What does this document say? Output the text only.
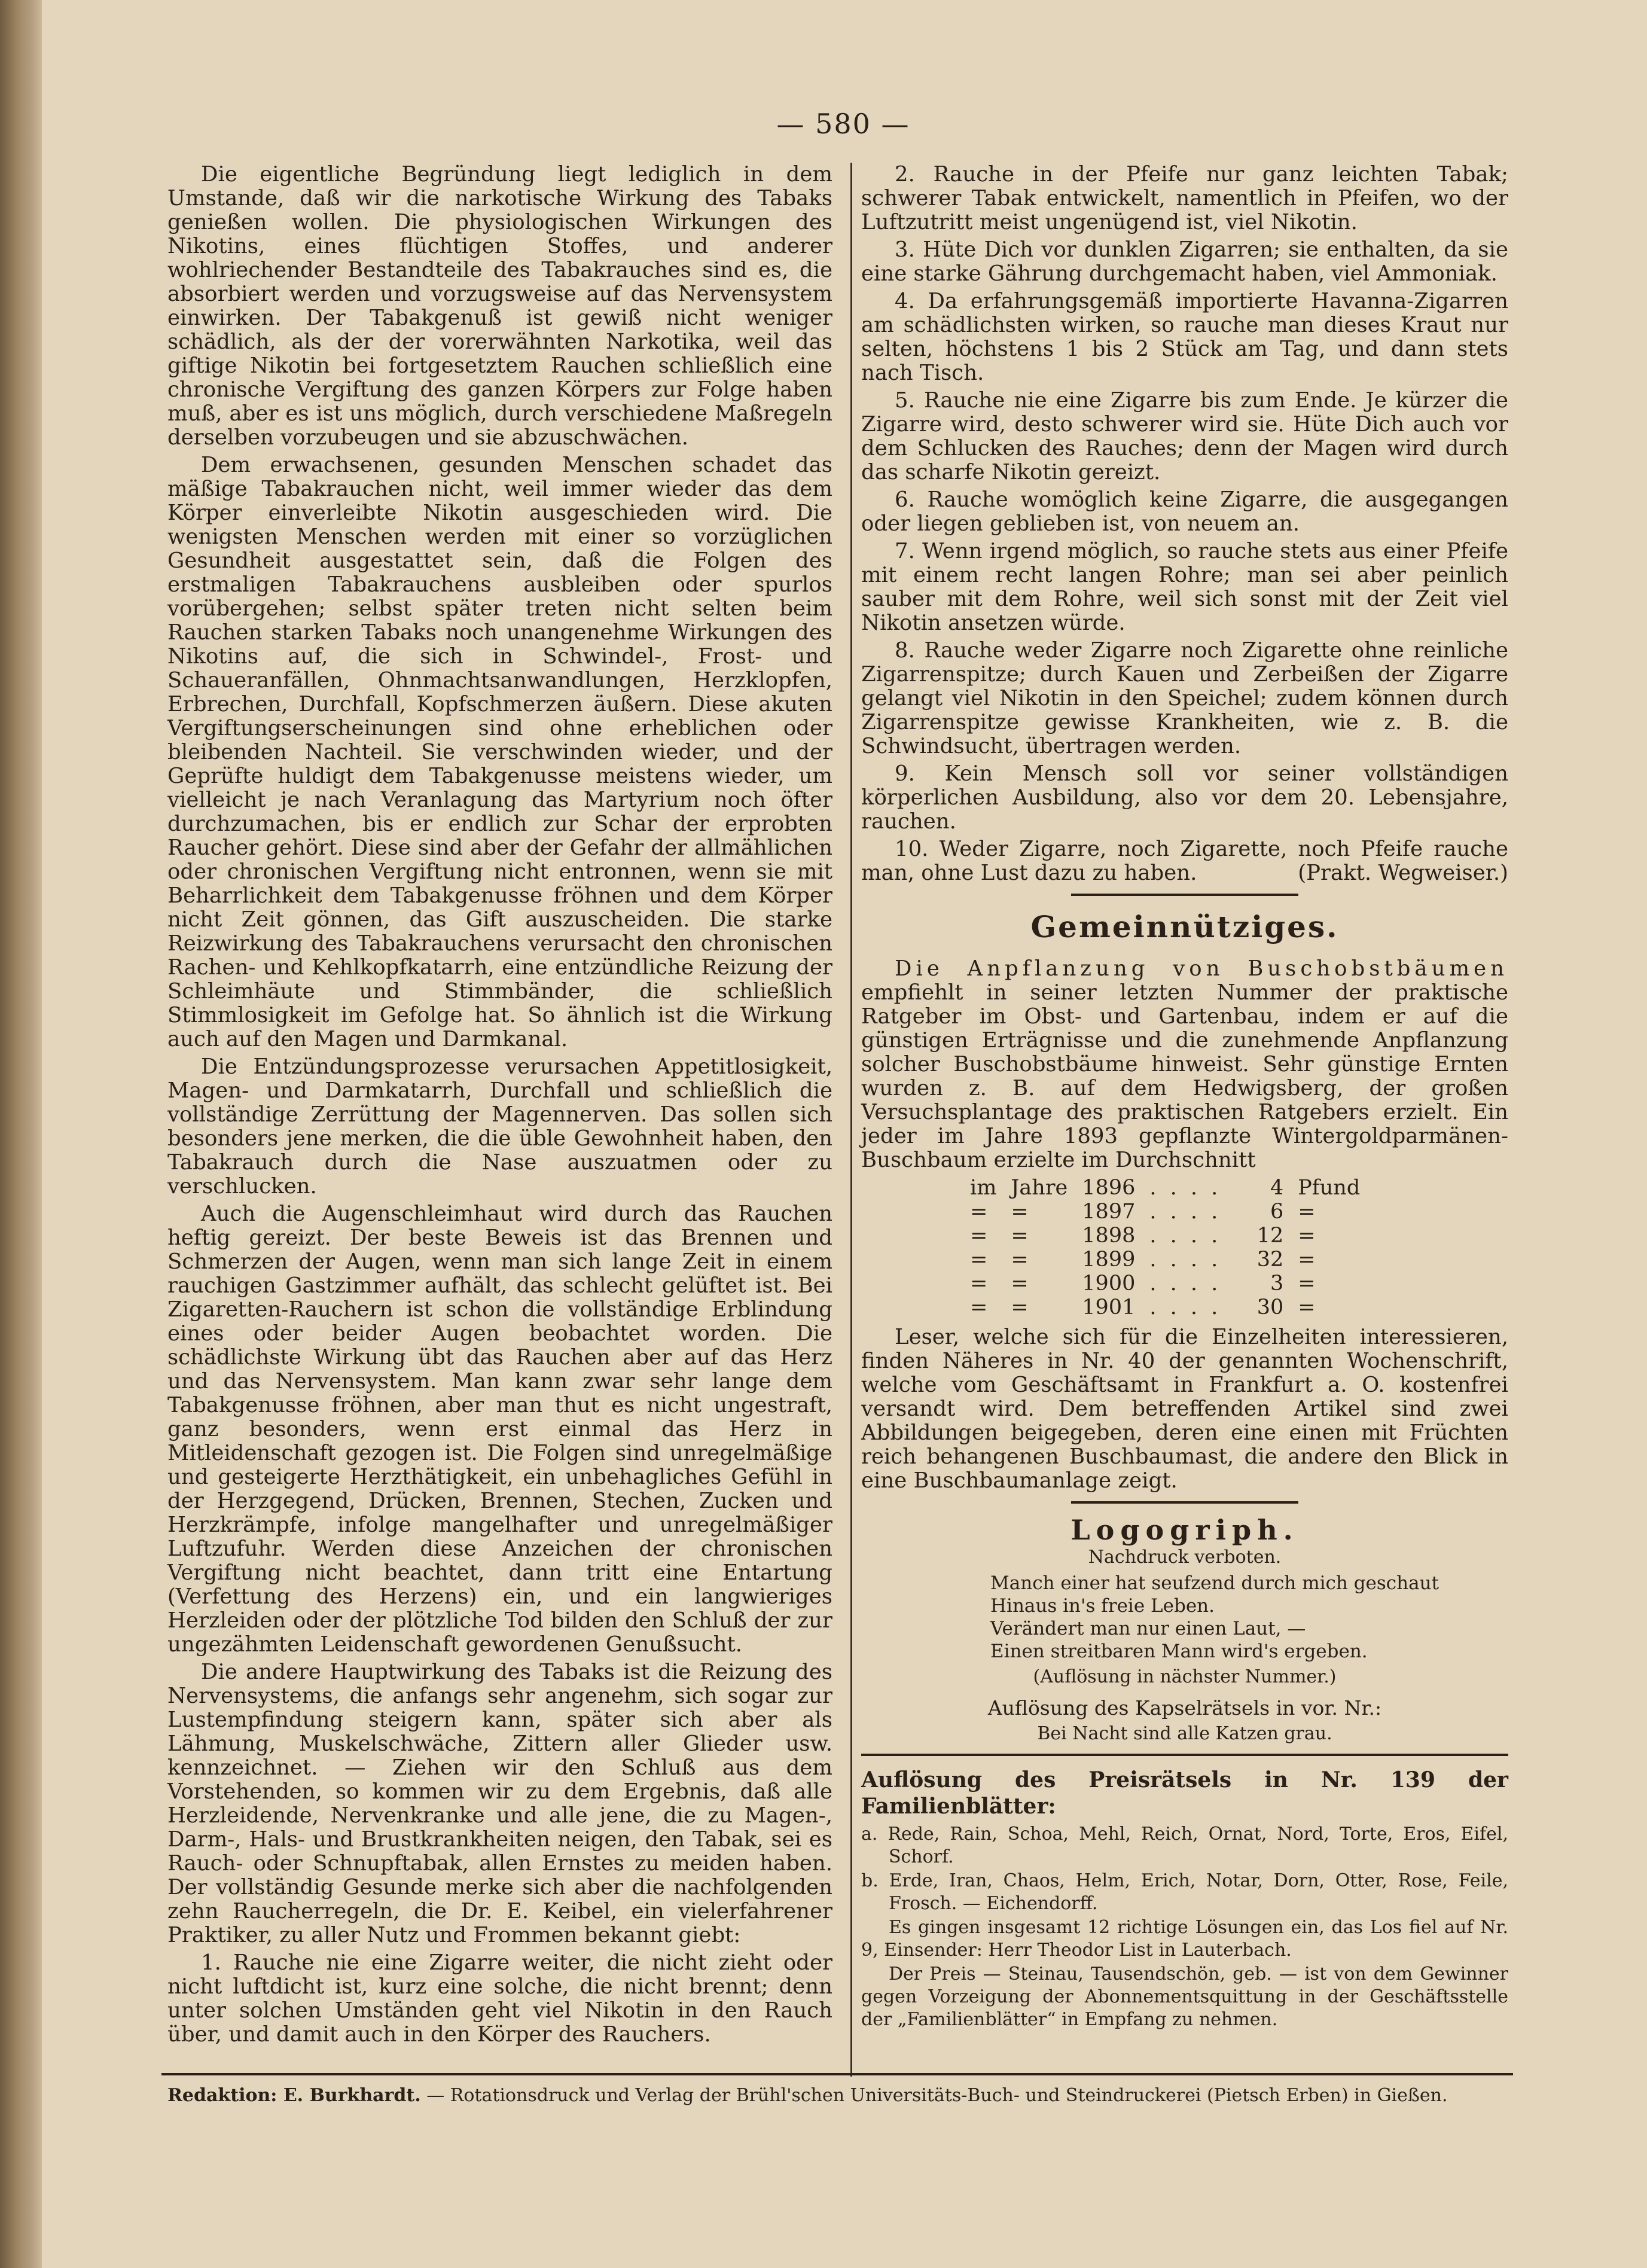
— 580 —

Die eigentliche Begründung liegt lediglich in dem Umstande, daß wir die narkotische Wirkung des Tabaks genießen wollen. Die physiologischen Wirkungen des Nikotins, eines flüchtigen Stoffes, und anderer wohlriechender Bestandteile des Tabakrauches sind es, die absorbiert werden und vorzugsweise auf das Nervensystem einwirken. Der Tabakgenuß ist gewiß nicht weniger schädlich, als der der vorerwähnten Narkotika, weil das giftige Nikotin bei fortgesetztem Rauchen schließlich eine chronische Vergiftung des ganzen Körpers zur Folge haben muß, aber es ist uns möglich, durch verschiedene Maßregeln derselben vorzubeugen und sie abzuschwächen.

Dem erwachsenen, gesunden Menschen schadet das mäßige Tabakrauchen nicht, weil immer wieder das dem Körper einverleibte Nikotin ausgeschieden wird. Die wenigsten Menschen werden mit einer so vorzüglichen Gesundheit ausgestattet sein, daß die Folgen des erstmaligen Tabakrauchens ausbleiben oder spurlos vorübergehen; selbst später treten nicht selten beim Rauchen starken Tabaks noch unangenehme Wirkungen des Nikotins auf, die sich in Schwindel-, Frost- und Schaueranfällen, Ohnmachtsanwandlungen, Herzklopfen, Erbrechen, Durchfall, Kopfschmerzen äußern. Diese akuten Vergiftungserscheinungen sind ohne erheblichen oder bleibenden Nachteil. Sie verschwinden wieder, und der Geprüfte huldigt dem Tabakgenusse meistens wieder, um vielleicht je nach Veranlagung das Martyrium noch öfter durchzumachen, bis er endlich zur Schar der erprobten Raucher gehört. Diese sind aber der Gefahr der allmählichen oder chronischen Vergiftung nicht entronnen, wenn sie mit Beharrlichkeit dem Tabakgenusse fröhnen und dem Körper nicht Zeit gönnen, das Gift auszuscheiden. Die starke Reizwirkung des Tabakrauchens verursacht den chronischen Rachen- und Kehlkopfkatarrh, eine entzündliche Reizung der Schleimhäute und Stimmbänder, die schließlich Stimmlosigkeit im Gefolge hat. So ähnlich ist die Wirkung auch auf den Magen und Darmkanal.

Die Entzündungsprozesse verursachen Appetitlosigkeit, Magen- und Darmkatarrh, Durchfall und schließlich die vollständige Zerrüttung der Magennerven. Das sollen sich besonders jene merken, die die üble Gewohnheit haben, den Tabakrauch durch die Nase auszuatmen oder zu verschlucken.

Auch die Augenschleimhaut wird durch das Rauchen heftig gereizt. Der beste Beweis ist das Brennen und Schmerzen der Augen, wenn man sich lange Zeit in einem rauchigen Gastzimmer aufhält, das schlecht gelüftet ist. Bei Zigaretten-Rauchern ist schon die vollständige Erblindung eines oder beider Augen beobachtet worden. Die schädlichste Wirkung übt das Rauchen aber auf das Herz und das Nervensystem. Man kann zwar sehr lange dem Tabakgenusse fröhnen, aber man thut es nicht ungestraft, ganz besonders, wenn erst einmal das Herz in Mitleidenschaft gezogen ist. Die Folgen sind unregelmäßige und gesteigerte Herzthätigkeit, ein unbehagliches Gefühl in der Herzgegend, Drücken, Brennen, Stechen, Zucken und Herzkrämpfe, infolge mangelhafter und unregelmäßiger Luftzufuhr. Werden diese Anzeichen der chronischen Vergiftung nicht beachtet, dann tritt eine Entartung (Verfettung des Herzens) ein, und ein langwieriges Herzleiden oder der plötzliche Tod bilden den Schluß der zur ungezähmten Leidenschaft gewordenen Genußsucht.

Die andere Hauptwirkung des Tabaks ist die Reizung des Nervensystems, die anfangs sehr angenehm, sich sogar zur Lustempfindung steigern kann, später sich aber als Lähmung, Muskelschwäche, Zittern aller Glieder usw. kennzeichnet. — Ziehen wir den Schluß aus dem Vorstehenden, so kommen wir zu dem Ergebnis, daß alle Herzleidende, Nervenkranke und alle jene, die zu Magen-, Darm-, Hals- und Brustkrankheiten neigen, den Tabak, sei es Rauch- oder Schnupftabak, allen Ernstes zu meiden haben. Der vollständig Gesunde merke sich aber die nachfolgenden zehn Raucherregeln, die Dr. E. Keibel, ein vielerfahrener Praktiker, zu aller Nutz und Frommen bekannt giebt:

1. Rauche nie eine Zigarre weiter, die nicht zieht oder nicht luftdicht ist, kurz eine solche, die nicht brennt; denn unter solchen Umständen geht viel Nikotin in den Rauch über, und damit auch in den Körper des Rauchers.

2. Rauche in der Pfeife nur ganz leichten Tabak; schwerer Tabak entwickelt, namentlich in Pfeifen, wo der Luftzutritt meist ungenügend ist, viel Nikotin.

3. Hüte Dich vor dunklen Zigarren; sie enthalten, da sie eine starke Gährung durchgemacht haben, viel Ammoniak.

4. Da erfahrungsgemäß importierte Havanna-Zigarren am schädlichsten wirken, so rauche man dieses Kraut nur selten, höchstens 1 bis 2 Stück am Tag, und dann stets nach Tisch.

5. Rauche nie eine Zigarre bis zum Ende. Je kürzer die Zigarre wird, desto schwerer wird sie. Hüte Dich auch vor dem Schlucken des Rauches; denn der Magen wird durch das scharfe Nikotin gereizt.

6. Rauche womöglich keine Zigarre, die ausgegangen oder liegen geblieben ist, von neuem an.

7. Wenn irgend möglich, so rauche stets aus einer Pfeife mit einem recht langen Rohre; man sei aber peinlich sauber mit dem Rohre, weil sich sonst mit der Zeit viel Nikotin ansetzen würde.

8. Rauche weder Zigarre noch Zigarette ohne reinliche Zigarrenspitze; durch Kauen und Zerbeißen der Zigarre gelangt viel Nikotin in den Speichel; zudem können durch Zigarrenspitze gewisse Krankheiten, wie z. B. die Schwindsucht, übertragen werden.

9. Kein Mensch soll vor seiner vollständigen körperlichen Ausbildung, also vor dem 20. Lebensjahre, rauchen.

10. Weder Zigarre, noch Zigarette, noch Pfeife rauche man, ohne Lust dazu zu haben.	(Prakt. Wegweiser.)

Gemeinnütziges.

Die Anpflanzung von Buschobstbäumen empfiehlt in seiner letzten Nummer der praktische Ratgeber im Obst- und Gartenbau, indem er auf die günstigen Erträgnisse und die zunehmende Anpflanzung solcher Buschobstbäume hinweist. Sehr günstige Ernten wurden z. B. auf dem Hedwigsberg, der großen Versuchsplantage des praktischen Ratgebers erzielt. Ein jeder im Jahre 1893 gepflanzte Wintergoldparmänen-Buschbaum erzielte im Durchschnitt

im	Jahre	1896	. . . .	4	Pfund
=	=	1897	. . . .	6	=
=	=	1898	. . . .	12	=
=	=	1899	. . . .	32	=
=	=	1900	. . . .	3	=
=	=	1901	. . . .	30	=

Leser, welche sich für die Einzelheiten interessieren, finden Näheres in Nr. 40 der genannten Wochenschrift, welche vom Geschäftsamt in Frankfurt a. O. kostenfrei versandt wird. Dem betreffenden Artikel sind zwei Abbildungen beigegeben, deren eine einen mit Früchten reich behangenen Buschbaumast, die andere den Blick in eine Buschbaumanlage zeigt.

Logogriph.
Nachdruck verboten.
Manch einer hat seufzend durch mich geschaut
Hinaus in's freie Leben.
Verändert man nur einen Laut, —
Einen streitbaren Mann wird's ergeben.
(Auflösung in nächster Nummer.)
Auflösung des Kapselrätsels in vor. Nr.:
Bei Nacht sind alle Katzen grau.
Auflösung des Preisrätsels in Nr. 139 der Familienblätter:
a. Rede, Rain, Schoa, Mehl, Reich, Ornat, Nord, Torte, Eros, Eifel, Schorf.
b. Erde, Iran, Chaos, Helm, Erich, Notar, Dorn, Otter, Rose, Feile, Frosch. — Eichendorff.
Es gingen insgesamt 12 richtige Lösungen ein, das Los fiel auf Nr. 9, Einsender: Herr Theodor List in Lauterbach.
Der Preis — Steinau, Tausendschön, geb. — ist von dem Gewinner gegen Vorzeigung der Abonnementsquittung in der Geschäftsstelle der „Familienblätter“ in Empfang zu nehmen.
Redaktion: E. Burkhardt. — Rotationsdruck und Verlag der Brühl'schen Universitäts-Buch- und Steindruckerei (Pietsch Erben) in Gießen.
